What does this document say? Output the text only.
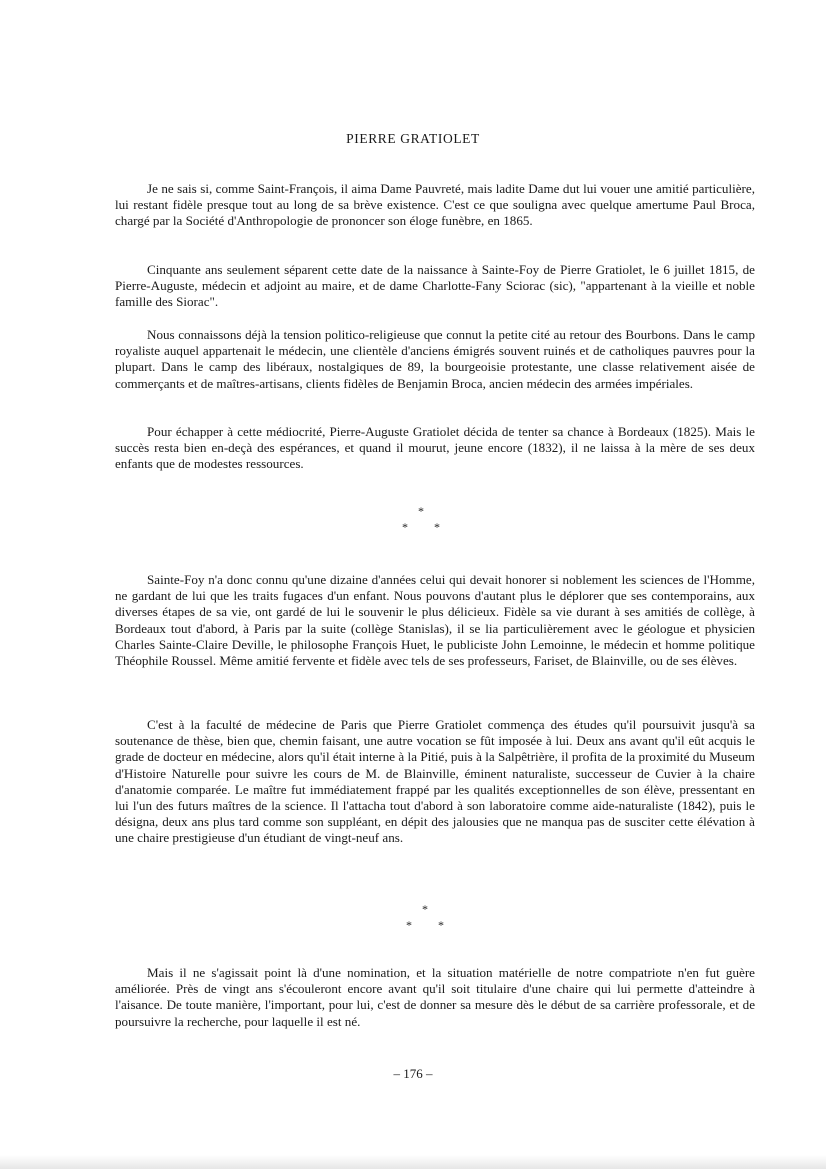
PIERRE GRATIOLET

Je ne sais si, comme Saint-François, il aima Dame Pauvreté, mais ladite Dame dut lui vouer une amitié particulière, lui restant fidèle presque tout au long de sa brève existence. C'est ce que souligna avec quelque amertume Paul Broca, chargé par la Société d'Anthropologie de prononcer son éloge funèbre, en 1865.

Cinquante ans seulement séparent cette date de la naissance à Sainte-Foy de Pierre Gratiolet, le 6 juillet 1815, de Pierre-Auguste, médecin et adjoint au maire, et de dame Charlotte-Fany Sciorac (sic), "appartenant à la vieille et noble famille des Siorac".

Nous connaissons déjà la tension politico-religieuse que connut la petite cité au retour des Bourbons. Dans le camp royaliste auquel appartenait le médecin, une clientèle d'anciens émigrés souvent ruinés et de catholiques pauvres pour la plupart. Dans le camp des libéraux, nostalgiques de 89, la bourgeoisie protestante, une classe relativement aisée de commerçants et de maîtres-artisans, clients fidèles de Benjamin Broca, ancien médecin des armées impériales.

Pour échapper à cette médiocrité, Pierre-Auguste Gratiolet décida de tenter sa chance à Bordeaux (1825). Mais le succès resta bien en-deçà des espérances, et quand il mourut, jeune encore (1832), il ne laissa à la mère de ses deux enfants que de modestes ressources.

*
* *

Sainte-Foy n'a donc connu qu'une dizaine d'années celui qui devait honorer si noblement les sciences de l'Homme, ne gardant de lui que les traits fugaces d'un enfant. Nous pouvons d'autant plus le déplorer que ses contemporains, aux diverses étapes de sa vie, ont gardé de lui le souvenir le plus délicieux. Fidèle sa vie durant à ses amitiés de collège, à Bordeaux tout d'abord, à Paris par la suite (collège Stanislas), il se lia particulièrement avec le géologue et physicien Charles Sainte-Claire Deville, le philosophe François Huet, le publiciste John Lemoinne, le médecin et homme politique Théophile Roussel. Même amitié fervente et fidèle avec tels de ses professeurs, Fariset, de Blainville, ou de ses élèves.

C'est à la faculté de médecine de Paris que Pierre Gratiolet commença des études qu'il poursuivit jusqu'à sa soutenance de thèse, bien que, chemin faisant, une autre vocation se fût imposée à lui. Deux ans avant qu'il eût acquis le grade de docteur en médecine, alors qu'il était interne à la Pitié, puis à la Salpêtrière, il profita de la proximité du Museum d'Histoire Naturelle pour suivre les cours de M. de Blainville, éminent naturaliste, successeur de Cuvier à la chaire d'anatomie comparée. Le maître fut immédiatement frappé par les qualités exceptionnelles de son élève, pressentant en lui l'un des futurs maîtres de la science. Il l'attacha tout d'abord à son laboratoire comme aide-naturaliste (1842), puis le désigna, deux ans plus tard comme son suppléant, en dépit des jalousies que ne manqua pas de susciter cette élévation à une chaire prestigieuse d'un étudiant de vingt-neuf ans.

*
* *

Mais il ne s'agissait point là d'une nomination, et la situation matérielle de notre compatriote n'en fut guère améliorée. Près de vingt ans s'écouleront encore avant qu'il soit titulaire d'une chaire qui lui permette d'atteindre à l'aisance. De toute manière, l'important, pour lui, c'est de donner sa mesure dès le début de sa carrière professorale, et de poursuivre la recherche, pour laquelle il est né.

– 176 –
